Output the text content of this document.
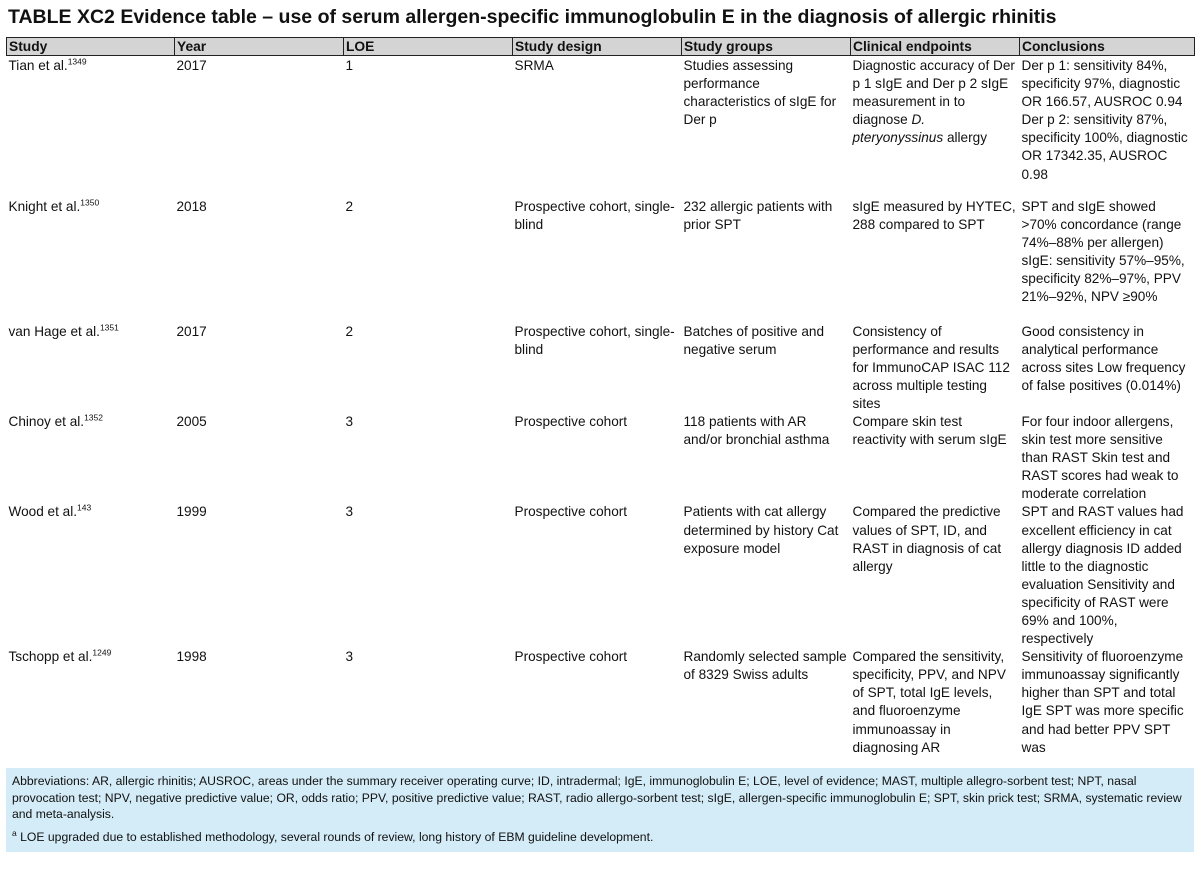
TABLE XC2 Evidence table – use of serum allergen‐specific immunoglobulin E in the diagnosis of allergic rhinitis
Study	Year	LOE	Study design	Study groups	Clinical endpoints	Conclusions
Tian et al.$^{1349}$	2017	1	SRMA	Studies assessing performance characteristics of sIgE for Der p	Diagnostic accuracy of Der p 1 sIgE and Der p 2 sIgE measurement in to diagnose D. pteryonyssinus allergy	Der p 1: sensitivity 84%, specificity 97%, diagnostic OR 166.57, AUSROC 0.94 Der p 2: sensitivity 87%, specificity 100%, diagnostic OR 17342.35, AUSROC 0.98
Knight et al.$^{1350}$	2018	2	Prospective cohort, single-blind	232 allergic patients with prior SPT	sIgE measured by HYTEC, 288 compared to SPT	SPT and sIgE showed >70% concordance (range 74%–88% per allergen) sIgE: sensitivity 57%–95%, specificity 82%–97%, PPV 21%–92%, NPV ≥90%
van Hage et al.$^{1351}$	2017	2	Prospective cohort, single-blind	Batches of positive and negative serum	Consistency of performance and results for ImmunoCAP ISAC 112 across multiple testing sites	Good consistency in analytical performance across sites Low frequency of false positives (0.014%)
Chinoy et al.$^{1352}$	2005	3	Prospective cohort	118 patients with AR and/or bronchial asthma	Compare skin test reactivity with serum sIgE	For four indoor allergens, skin test more sensitive than RAST Skin test and RAST scores had weak to moderate correlation
Wood et al.$^{143}$	1999	3	Prospective cohort	Patients with cat allergy determined by history Cat exposure model	Compared the predictive values of SPT, ID, and RAST in diagnosis of cat allergy	SPT and RAST values had excellent efficiency in cat allergy diagnosis ID added little to the diagnostic evaluation Sensitivity and specificity of RAST were 69% and 100%, respectively
Tschopp et al.$^{1249}$	1998	3	Prospective cohort	Randomly selected sample of 8329 Swiss adults	Compared the sensitivity, specificity, PPV, and NPV of SPT, total IgE levels, and fluoroenzyme immunoassay in diagnosing AR	Sensitivity of fluoroenzyme immunoassay significantly higher than SPT and total IgE SPT was more specific and had better PPV SPT was

Abbreviations: AR, allergic rhinitis; AUSROC, areas under the summary receiver operating curve; ID, intradermal; IgE, immunoglobulin E; LOE, level of evidence; MAST, multiple allegro-sorbent test; NPT, nasal provocation test; NPV, negative predictive value; OR, odds ratio; PPV, positive predictive value; RAST, radio allergo-sorbent test; sIgE, allergen-specific immunoglobulin E; SPT, skin prick test; SRMA, systematic review and meta-analysis.

$^a$ LOE upgraded due to established methodology, several rounds of review, long history of EBM guideline development.
